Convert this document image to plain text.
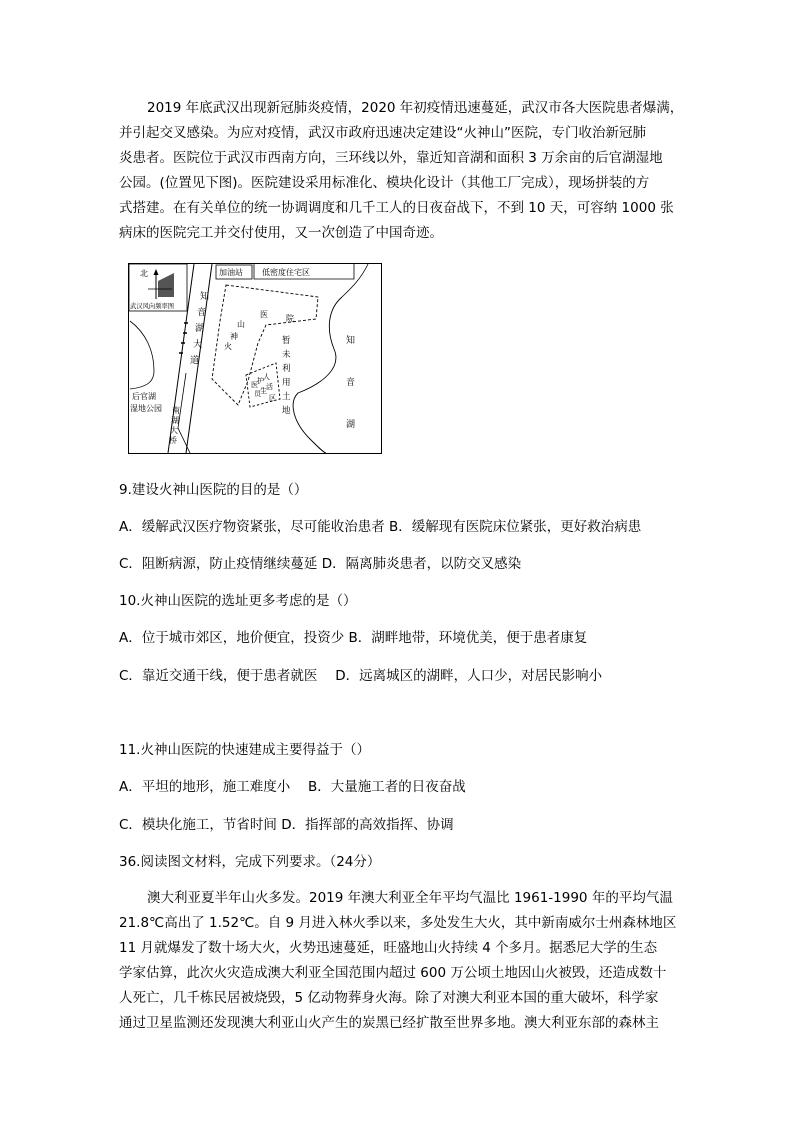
2019 年底武汉出现新冠肺炎疫情，2020 年初疫情迅速蔓延，武汉市各大医院患者爆满，
并引起交叉感染。为应对疫情，武汉市政府迅速决定建设“火神山”医院，专门收治新冠肺
炎患者。医院位于武汉市西南方向，三环线以外，靠近知音湖和面积 3 万余亩的后官湖湿地
公园。(位置见下图)。医院建设采用标准化、模块化设计（其他工厂完成），现场拼装的方
式搭建。在有关单位的统一协调调度和几千工人的日夜奋战下，不到 10 天，可容纳 1000 张
病床的医院完工并交付使用，又一次创造了中国奇迹。
北
武汉风向频率图
知
音
湖
大
道
南
湖
大
桥
后官湖
湿地公园
加油站 低密度住宅区
火
神
山
医 院
医 护 人
员 生 活
区
暂
未
利
用
土
地
知
音
湖
9.建设火神山医院的目的是（）
A．缓解武汉医疗物资紧张，尽可能收治患者 B．缓解现有医院床位紧张，更好救治病患
C．阻断病源，防止疫情继续蔓延 D．隔离肺炎患者，以防交叉感染
10.火神山医院的选址更多考虑的是（）
A．位于城市郊区，地价便宜，投资少 B．湖畔地带，环境优美，便于患者康复
C．靠近交通干线，便于患者就医　 D．远离城区的湖畔，人口少，对居民影响小
11.火神山医院的快速建成主要得益于（）
A．平坦的地形，施工难度小　 B．大量施工者的日夜奋战
C．模块化施工，节省时间 D．指挥部的高效指挥、协调
36.阅读图文材料，完成下列要求。（24分）
澳大利亚夏半年山火多发。2019 年澳大利亚全年平均气温比 1961-1990 年的平均气温
21.8℃高出了 1.52℃。自 9 月进入林火季以来，多处发生大火，其中新南威尔士州森林地区
11 月就爆发了数十场大火，火势迅速蔓延，旺盛地山火持续 4 个多月。据悉尼大学的生态
学家估算，此次火灾造成澳大利亚全国范围内超过 600 万公顷土地因山火被毁，还造成数十
人死亡，几千栋民居被烧毁，5 亿动物葬身火海。除了对澳大利亚本国的重大破坏，科学家
通过卫星监测还发现澳大利亚山火产生的炭黑已经扩散至世界多地。澳大利亚东部的森林主
